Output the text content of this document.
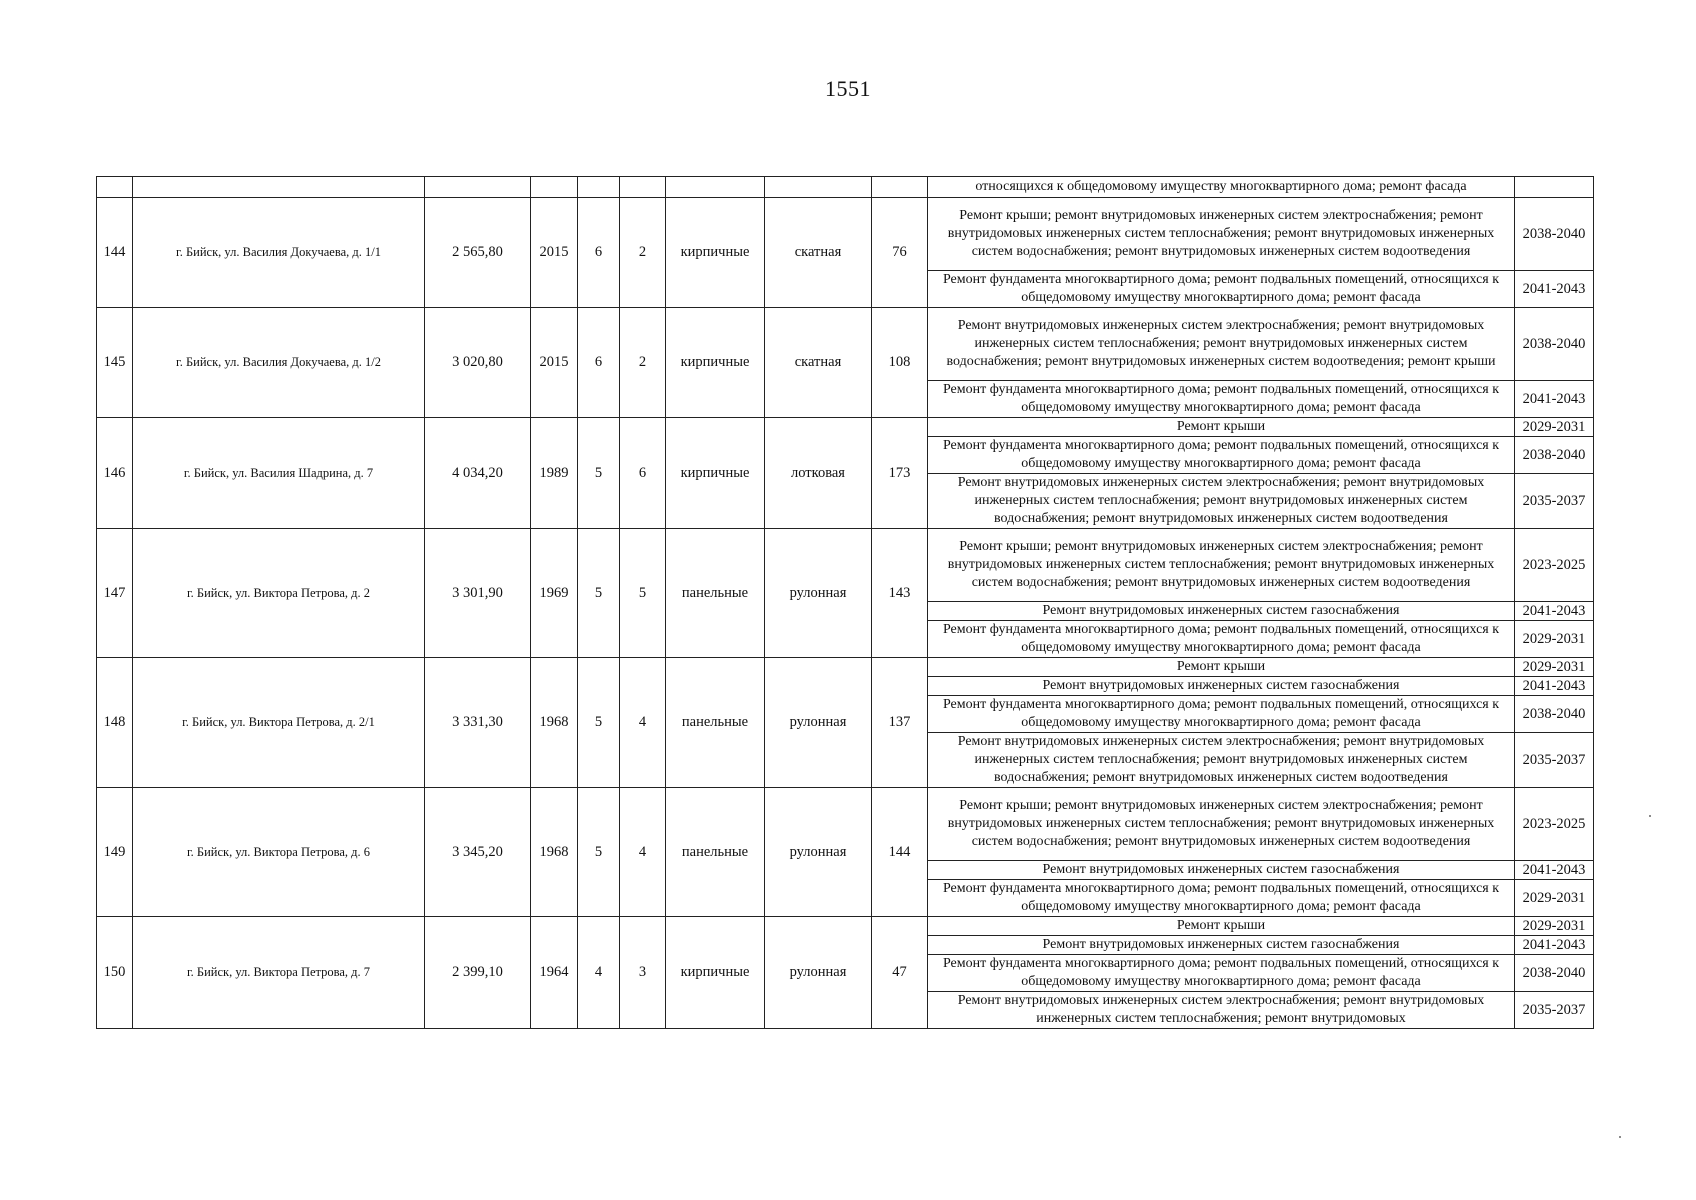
1551
									относящихся к общедомовому имуществу многоквартирного дома; ремонт фасада	
144	г. Бийск, ул. Василия Докучаева, д. 1/1	2 565,80	2015	6	2	кирпичные	скатная	76	Ремонт крыши; ремонт внутридомовых инженерных систем электроснабжения; ремонт внутридомовых инженерных систем теплоснабжения; ремонт внутридомовых инженерных систем водоснабжения; ремонт внутридомовых инженерных систем водоотведения	2038-2040
									Ремонт фундамента многоквартирного дома; ремонт подвальных помещений, относящихся к общедомовому имуществу многоквартирного дома; ремонт фасада	2041-2043
145	г. Бийск, ул. Василия Докучаева, д. 1/2	3 020,80	2015	6	2	кирпичные	скатная	108	Ремонт внутридомовых инженерных систем электроснабжения; ремонт внутридомовых инженерных систем теплоснабжения; ремонт внутридомовых инженерных систем водоснабжения; ремонт внутридомовых инженерных систем водоотведения; ремонт крыши	2038-2040
									Ремонт фундамента многоквартирного дома; ремонт подвальных помещений, относящихся к общедомовому имуществу многоквартирного дома; ремонт фасада	2041-2043
146	г. Бийск, ул. Василия Шадрина, д. 7	4 034,20	1989	5	6	кирпичные	лотковая	173	Ремонт крыши	2029-2031
									Ремонт фундамента многоквартирного дома; ремонт подвальных помещений, относящихся к общедомовому имуществу многоквартирного дома; ремонт фасада	2038-2040
									Ремонт внутридомовых инженерных систем электроснабжения; ремонт внутридомовых инженерных систем теплоснабжения; ремонт внутридомовых инженерных систем водоснабжения; ремонт внутридомовых инженерных систем водоотведения	2035-2037
147	г. Бийск, ул. Виктора Петрова, д. 2	3 301,90	1969	5	5	панельные	рулонная	143	Ремонт крыши; ремонт внутридомовых инженерных систем электроснабжения; ремонт внутридомовых инженерных систем теплоснабжения; ремонт внутридомовых инженерных систем водоснабжения; ремонт внутридомовых инженерных систем водоотведения	2023-2025
									Ремонт внутридомовых инженерных систем газоснабжения	2041-2043
									Ремонт фундамента многоквартирного дома; ремонт подвальных помещений, относящихся к общедомовому имуществу многоквартирного дома; ремонт фасада	2029-2031
148	г. Бийск, ул. Виктора Петрова, д. 2/1	3 331,30	1968	5	4	панельные	рулонная	137	Ремонт крыши	2029-2031
									Ремонт внутридомовых инженерных систем газоснабжения	2041-2043
									Ремонт фундамента многоквартирного дома; ремонт подвальных помещений, относящихся к общедомовому имуществу многоквартирного дома; ремонт фасада	2038-2040
									Ремонт внутридомовых инженерных систем электроснабжения; ремонт внутридомовых инженерных систем теплоснабжения; ремонт внутридомовых инженерных систем водоснабжения; ремонт внутридомовых инженерных систем водоотведения	2035-2037
149	г. Бийск, ул. Виктора Петрова, д. 6	3 345,20	1968	5	4	панельные	рулонная	144	Ремонт крыши; ремонт внутридомовых инженерных систем электроснабжения; ремонт внутридомовых инженерных систем теплоснабжения; ремонт внутридомовых инженерных систем водоснабжения; ремонт внутридомовых инженерных систем водоотведения	2023-2025
									Ремонт внутридомовых инженерных систем газоснабжения	2041-2043
									Ремонт фундамента многоквартирного дома; ремонт подвальных помещений, относящихся к общедомовому имуществу многоквартирного дома; ремонт фасада	2029-2031
150	г. Бийск, ул. Виктора Петрова, д. 7	2 399,10	1964	4	3	кирпичные	рулонная	47	Ремонт крыши	2029-2031
									Ремонт внутридомовых инженерных систем газоснабжения	2041-2043
									Ремонт фундамента многоквартирного дома; ремонт подвальных помещений, относящихся к общедомовому имуществу многоквартирного дома; ремонт фасада	2038-2040
									Ремонт внутридомовых инженерных систем электроснабжения; ремонт внутридомовых инженерных систем теплоснабжения; ремонт внутридомовых	2035-2037
